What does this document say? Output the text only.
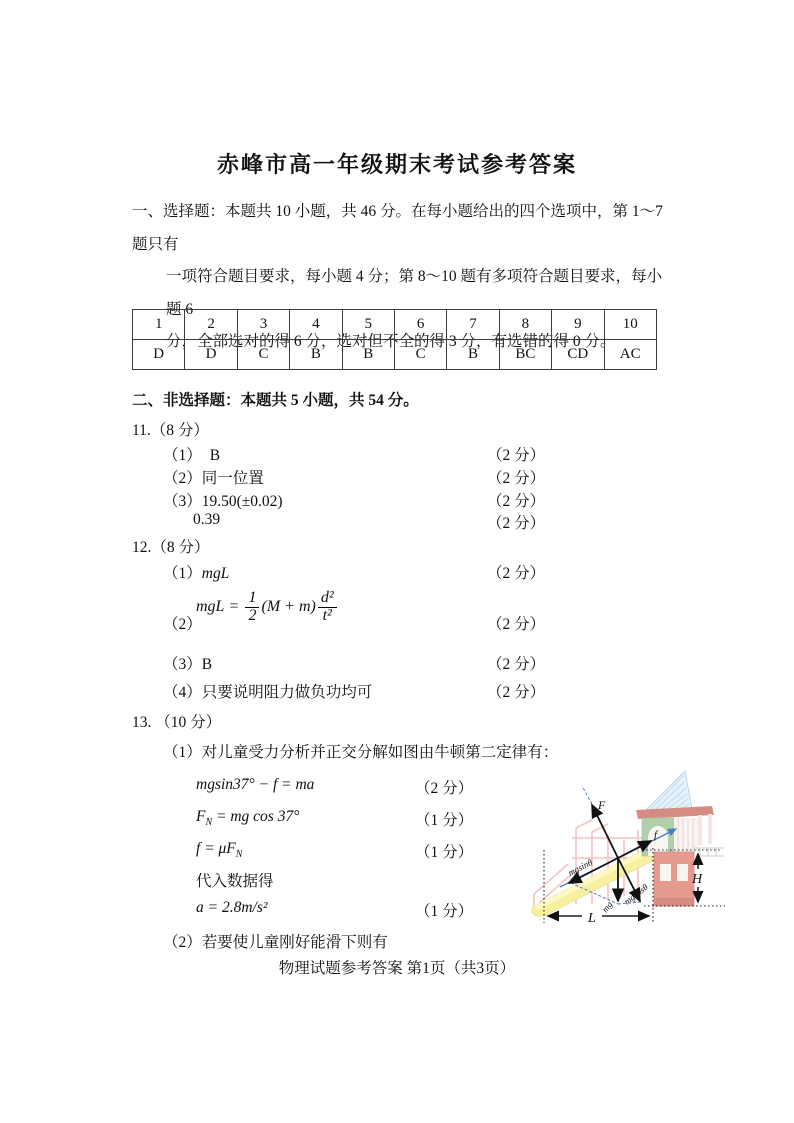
赤峰市高一年级期末考试参考答案
一、选择题：本题共 10 小题，共 46 分。在每小题给出的四个选项中，第 1～7 题只有
一项符合题目要求，每小题 4 分；第 8～10 题有多项符合题目要求，每小题 6
分，全部选对的得 6 分，选对但不全的得 3 分，有选错的得 0 分。
1	2	3	4	5	6	7	8	9	10
D	D	C	B	B	C	B	BC	CD	AC
二、非选择题：本题共 5 小题，共 54 分。
11.（8 分）
（1） B	（2 分）
（2）同一位置	（2 分）
（3）19.50(±0.02)	（2 分）
0.39	（2 分）
12.（8 分）
（1）mgL	（2 分）
（2）
mgL = $\frac{1}{2} (M + m) \frac{\text{d²}}{\text{t²}}$	（2 分）
（3）B	（2 分）
（4）只要说明阻力做负功均可	（2 分）
13. （10 分）
（1）对儿童受力分析并正交分解如图由牛顿第二定律有：
mgsin37° − f = ma	（2 分）
$F_N$ = mg cos 37°	（1 分）
$f = \mu F_N$	（1 分）
代入数据得
a = 2.8m/s²	（1 分）
（2）若要使儿童刚好能滑下则有
f
F
mgsinθ
mg
mgcosθ
H
L
物理试题参考答案 第1页（共3页）
